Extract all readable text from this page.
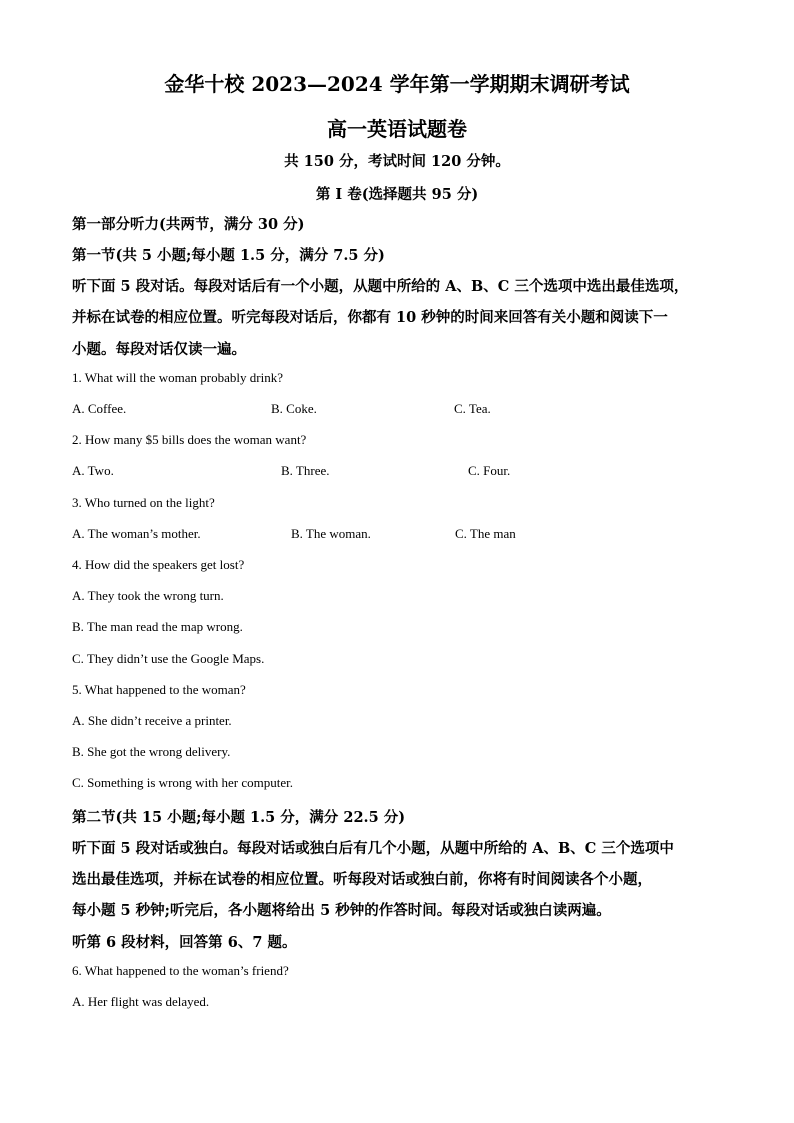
金华十校 2023—2024 学年第一学期期末调研考试
高一英语试题卷
共 150 分，考试时间 120 分钟。
第 I 卷(选择题共 95 分)
第一部分听力(共两节，满分 30 分)
第一节(共 5 小题;每小题 1.5 分，满分 7.5 分)
听下面 5 段对话。每段对话后有一个小题，从题中所给的 A、B、C 三个选项中选出最佳选项，
并标在试卷的相应位置。听完每段对话后，你都有 10 秒钟的时间来回答有关小题和阅读下一
小题。每段对话仅读一遍。
1. What will the woman probably drink?
A. Coffee.	B. Coke.	C. Tea.
2. How many $5 bills does the woman want?
A. Two.	B. Three.	C. Four.
3. Who turned on the light?
A. The woman’s mother.	B. The woman.	C. The man
4. How did the speakers get lost?
A. They took the wrong turn.
B. The man read the map wrong.
C. They didn’t use the Google Maps.
5. What happened to the woman?
A. She didn’t receive a printer.
B. She got the wrong delivery.
C. Something is wrong with her computer.
第二节(共 15 小题;每小题 1.5 分，满分 22.5 分)
听下面 5 段对话或独白。每段对话或独白后有几个小题，从题中所给的 A、B、C 三个选项中
选出最佳选项，并标在试卷的相应位置。听每段对话或独白前，你将有时间阅读各个小题，
每小题 5 秒钟;听完后，各小题将给出 5 秒钟的作答时间。每段对话或独白读两遍。
听第 6 段材料，回答第 6、7 题。
6. What happened to the woman’s friend?
A. Her flight was delayed.
